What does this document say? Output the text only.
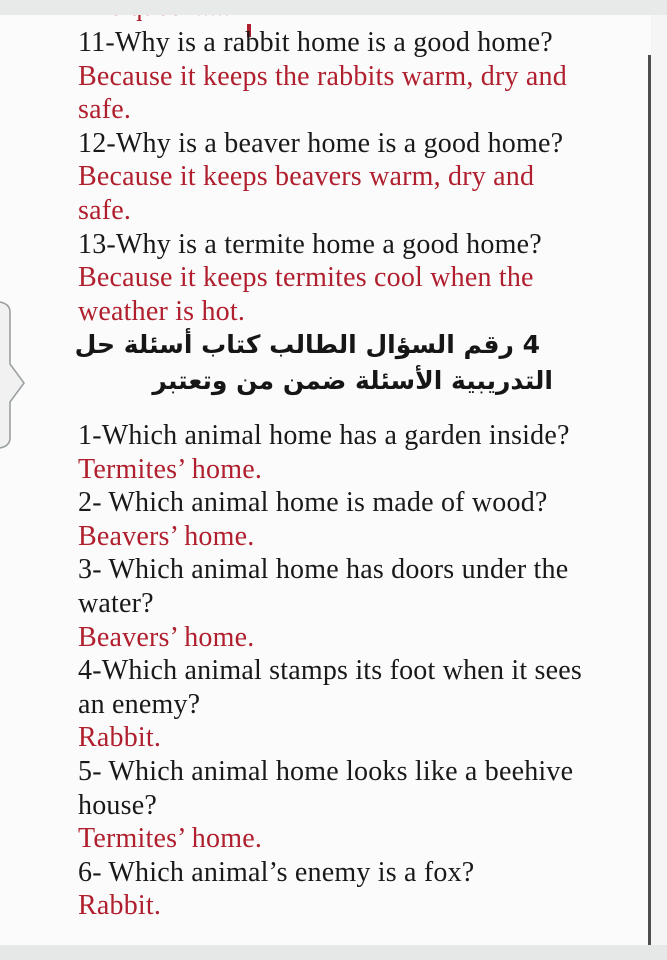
11-Why is a rabbit home is a good home?
Because it keeps the rabbits warm, dry and
safe.
12-Why is a beaver home is a good home?
Because it keeps beavers warm, dry and
safe.
13-Why is a termite home a good home?
Because it keeps termites cool when the
weather is hot.
حل أسئلة كتاب الطالب السؤال رقم 4
وتعتبر من ضمن الأسئلة التدريبية
1-Which animal home has a garden inside?
Termites’ home.
2- Which animal home is made of wood?
Beavers’ home.
3- Which animal home has doors under the
water?
Beavers’ home.
4-Which animal stamps its foot when it sees
an enemy?
Rabbit.
5- Which animal home looks like a beehive
house?
Termites’ home.
6- Which animal’s enemy is a fox?
Rabbit.
